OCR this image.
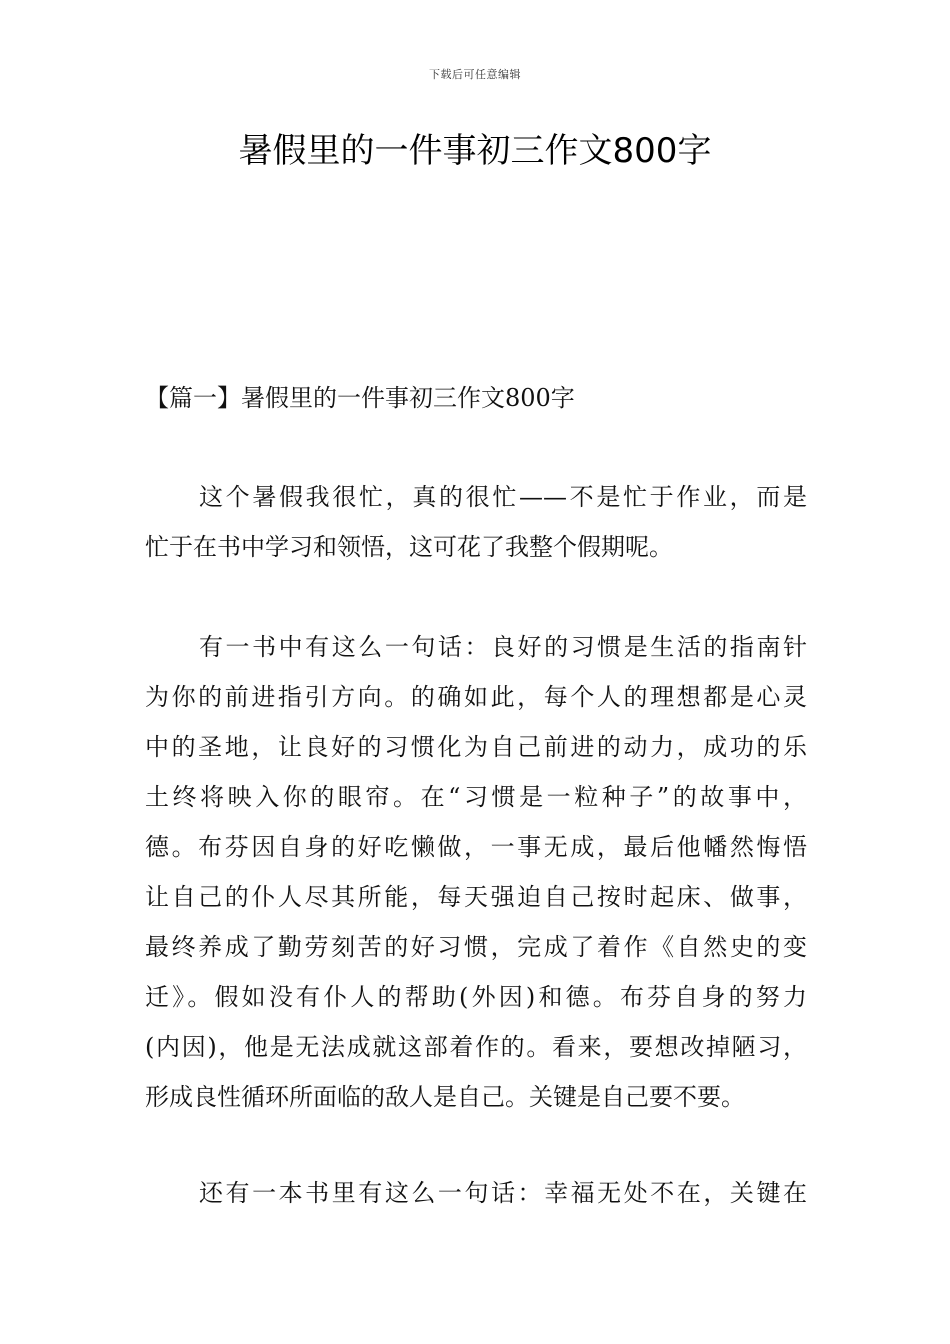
下载后可任意编辑
暑假里的一件事初三作文800字
【篇一】暑假里的一件事初三作文800字
这个暑假我很忙，真的很忙——不是忙于作业，而是
忙于在书中学习和领悟，这可花了我整个假期呢。
有一书中有这么一句话：良好的习惯是生活的指南针
为你的前进指引方向。的确如此，每个人的理想都是心灵
中的圣地，让良好的习惯化为自己前进的动力，成功的乐
土终将映入你的眼帘。在“习惯是一粒种子”的故事中，
德。布芬因自身的好吃懒做，一事无成，最后他幡然悔悟
让自己的仆人尽其所能，每天强迫自己按时起床、做事，
最终养成了勤劳刻苦的好习惯，完成了着作《自然史的变
迁》。假如没有仆人的帮助(外因)和德。布芬自身的努力
(内因)，他是无法成就这部着作的。看来，要想改掉陋习，
形成良性循环所面临的敌人是自己。关键是自己要不要。
还有一本书里有这么一句话：幸福无处不在，关键在
